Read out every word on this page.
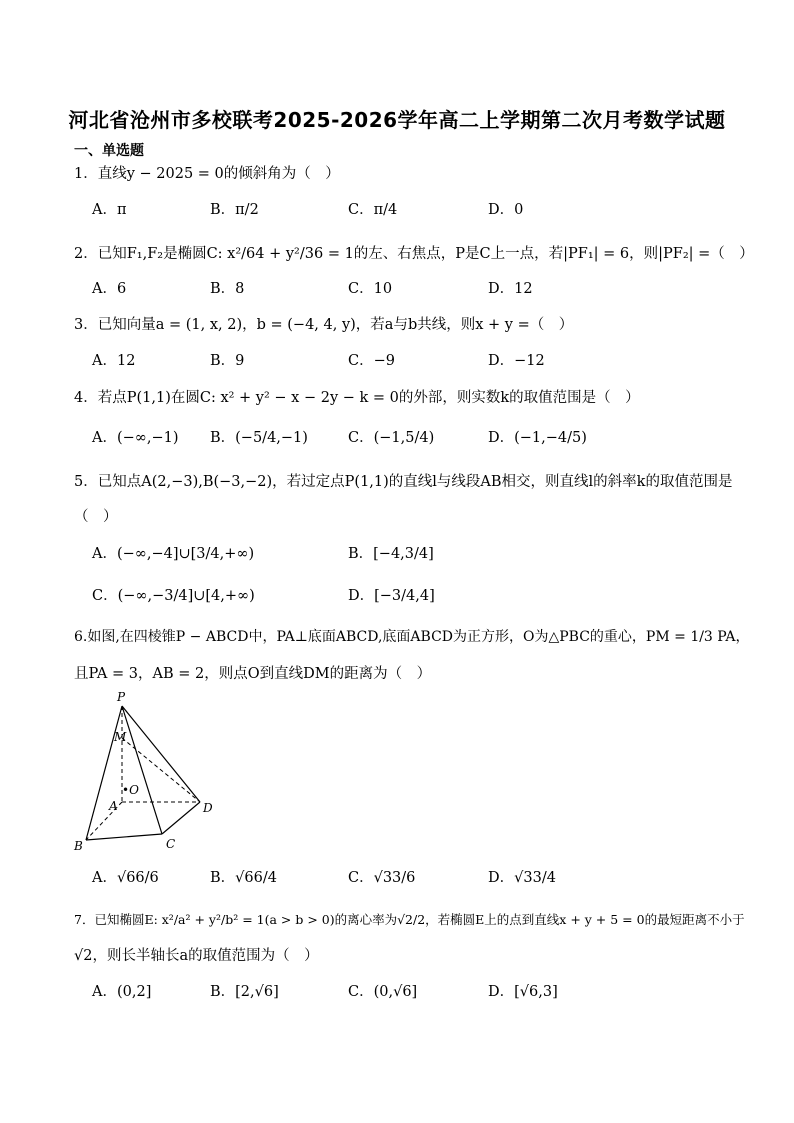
河北省沧州市多校联考2025-2026学年高二上学期第二次月考数学试题
一、单选题
1．直线y − 2025 = 0的倾斜角为（　）
A．π	B．π/2	C．π/4	D．0
2．已知F₁,F₂是椭圆C: x²/64 + y²/36 = 1的左、右焦点，P是C上一点，若|PF₁| = 6，则|PF₂| =（　）
A．6	B．8	C．10	D．12
3．已知向量a = (1, x, 2)，b = (−4, 4, y)，若a与b共线，则x + y =（　）
A．12	B．9	C．−9	D．−12
4．若点P(1,1)在圆C: x² + y² − x − 2y − k = 0的外部，则实数k的取值范围是（　）
A．(−∞,−1) B．(−5/4,−1)	C．(−1,5/4)	D．(−1,−4/5)
5．已知点A(2,−3),B(−3,−2)，若过定点P(1,1)的直线l与线段AB相交，则直线l的斜率k的取值范围是
（　）
A．(−∞,−4]∪[3/4,+∞)	B．[−4,3/4]
C．(−∞,−3/4]∪[4,+∞)	D．[−3/4,4]
6.如图,在四棱锥P − ABCD中，PA⊥底面ABCD,底面ABCD为正方形，O为△PBC的重心，PM = 1/3 PA，
且PA = 3，AB = 2，则点O到直线DM的距离为（　）
P
M
•O
A
B	C
D
A．√66/6	B．√66/4	C．√33/6	D．√33/4
7．已知椭圆E: x²/a² + y²/b² = 1(a > b > 0)的离心率为√2/2，若椭圆E上的点到直线x + y + 5 = 0的最短距离不小于
√2，则长半轴长a的取值范围为（　）
A．(0,2]	B．[2,√6]	C．(0,√6]	D．[√6,3]
